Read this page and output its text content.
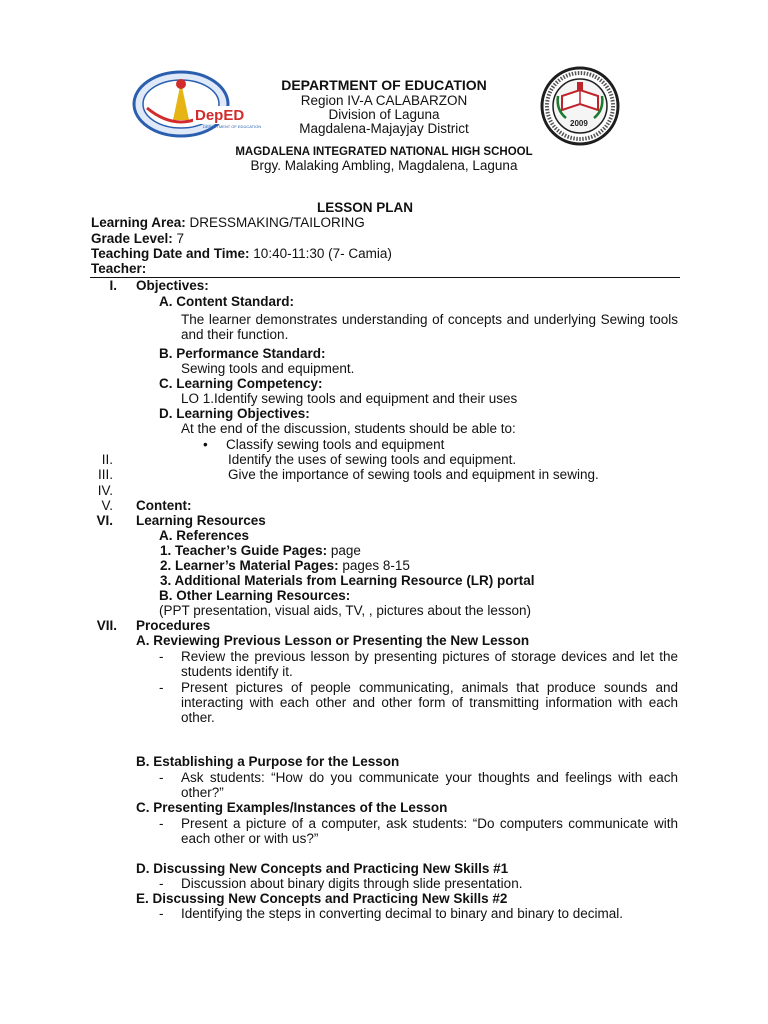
DepED
DEPARTMENT OF EDUCATION	2009
DEPARTMENT OF EDUCATION
Region IV-A CALABARZON
Division of Laguna
Magdalena-Majayjay District
MAGDALENA INTEGRATED NATIONAL HIGH SCHOOL
Brgy. Malaking Ambling, Magdalena, Laguna
LESSON PLAN
Learning Area: DRESSMAKING/TAILORING
Grade Level: 7
Teaching Date and Time: 10:40-11:30 (7- Camia)
Teacher:
I. Objectives:
A. Content Standard:
The learner demonstrates understanding of concepts and underlying Sewing tools and their function.
B. Performance Standard:
Sewing tools and equipment.
C. Learning Competency:
LO 1.Identify sewing tools and equipment and their uses
D. Learning Objectives:
At the end of the discussion, students should be able to:
• Classify sewing tools and equipment
II.	Identify the uses of sewing tools and equipment.
III.	Give the importance of sewing tools and equipment in sewing.
IV.
V. Content:
VI. Learning Resources
A. References
1. Teacher’s Guide Pages: page
2. Learner’s Material Pages: pages 8-15
3. Additional Materials from Learning Resource (LR) portal
B. Other Learning Resources:
(PPT presentation, visual aids, TV, , pictures about the lesson)
VII. Procedures
A. Reviewing Previous Lesson or Presenting the New Lesson
- Review the previous lesson by presenting pictures of storage devices and let the students identify it.
- Present pictures of people communicating, animals that produce sounds and interacting with each other and other form of transmitting information with each other.
B. Establishing a Purpose for the Lesson
- Ask students: “How do you communicate your thoughts and feelings with each other?”
C. Presenting Examples/Instances of the Lesson
- Present a picture of a computer, ask students: “Do computers communicate with each other or with us?”
D. Discussing New Concepts and Practicing New Skills #1
- Discussion about binary digits through slide presentation.
E. Discussing New Concepts and Practicing New Skills #2
- Identifying the steps in converting decimal to binary and binary to decimal.
